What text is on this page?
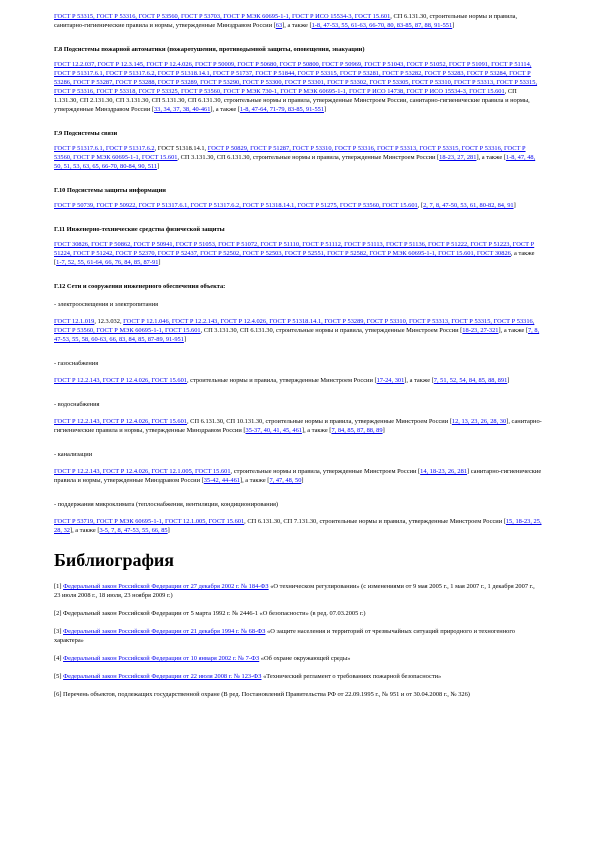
ГОСТ Р 53315, ГОСТ Р 53316, ГОСТ Р 53560, ГОСТ Р 53703, ГОСТ Р МЭК 60695-1-1, ГОСТ Р ИСО 15534-3, ГОСТ 15.601, СП 6.131.30, строительные нормы и правила, санитарно-гигиенические правила и нормы, утвержденные Минздравом России [63], а также [1-8, 47-53, 55, 61-63, 66-70, 80, 83-85, 87, 88, 91-551]

Г.8 Подсистемы пожарной автоматики (пожаротушения, противодымной защиты, оповещения, эвакуации)

ГОСТ 12.2.037, ГОСТ Р 12.3.145, ГОСТ Р 12.4.026, ГОСТ Р 50009, ГОСТ Р 50680, ГОСТ Р 50800, ГОСТ Р 50969, ГОСТ Р 51043, ГОСТ Р 51052, ГОСТ Р 51091, ГОСТ Р 51114, ГОСТ Р 51317.6.1, ГОСТ Р 51317.6.2, ГОСТ Р 51318.14.1, ГОСТ Р 51737, ГОСТ Р 51844, ГОСТ Р 53315, ГОСТ Р 53281, ГОСТ Р 53282, ГОСТ Р 53283, ГОСТ Р 53284, ГОСТ Р 53286, ГОСТ Р 53287, ГОСТ Р 53288, ГОСТ Р 53289, ГОСТ Р 53290, ГОСТ Р 53300, ГОСТ Р 53301, ГОСТ Р 53302, ГОСТ Р 53305, ГОСТ Р 53310, ГОСТ Р 53313, ГОСТ Р 53315, ГОСТ Р 53316, ГОСТ Р 53318, ГОСТ Р 53325, ГОСТ Р 53560, ГОСТ Р МЭК 730-1, ГОСТ Р МЭК 60695-1-1, ГОСТ Р ИСО 14738, ГОСТ Р ИСО 15534-3, ГОСТ 15.601, СП 1.131.30, СП 2.131.30, СП 3.131.30, СП 5.131.30, СП 6.131.30, строительные нормы и правила, утвержденные Минстроем России, санитарно-гигиенические правила и нормы, утвержденные Минздравом России [33, 34, 37, 38, 40-461], а также [1-8, 47-64, 71-79, 83-85, 91-551]

Г.9 Подсистемы связи

ГОСТ Р 51317.6.1, ГОСТ Р 51317.6.2, ГОСТ 51318.14.1, ГОСТ Р 50829, ГОСТ Р 51287, ГОСТ Р 53310, ГОСТ Р 53316, ГОСТ Р 53313, ГОСТ Р 53315, ГОСТ Р 53316, ГОСТ Р 53560, ГОСТ Р МЭК 60695-1-1, ГОСТ 15.601, СП 3.131.30, СП 6.131.30, строительные нормы и правила, утвержденные Минстроем России [18-23, 27, 281], а также [1-8, 47, 48, 50, 51, 53, 63, 65, 66-70, 80-84, 90, 511]

Г.10 Подсистемы защиты информации

ГОСТ Р 50739, ГОСТ Р 50922, ГОСТ Р 51317.6.1, ГОСТ Р 51317.6.2, ГОСТ Р 51318.14.1, ГОСТ Р 51275, ГОСТ Р 53560, ГОСТ 15.601, [2, 7, 8, 47-50, 53, 61, 80-82, 84, 91]

Г.11 Инженерно-технические средства физической защиты

ГОСТ 30826, ГОСТ Р 50862, ГОСТ Р 50941, ГОСТ Р 51053, ГОСТ Р 51072, ГОСТ Р 51110, ГОСТ Р 51112, ГОСТ Р 51113, ГОСТ Р 51136, ГОСТ Р 51222, ГОСТ Р 51223, ГОСТ Р 51224, ГОСТ Р 51242, ГОСТ Р 52370, ГОСТ Р 52437, ГОСТ Р 52502, ГОСТ Р 52503, ГОСТ Р 52551, ГОСТ Р 52582, ГОСТ Р МЭК 60695-1-1, ГОСТ 15.601, ГОСТ 30826, а также [1-7, 52, 55, 61-64, 66, 76, 84, 85, 87-91]

Г.12 Сети и сооружения инженерного обеспечения объекта:

- электроосвещения и электропитания

ГОСТ 12.1.019, 12.3.032, ГОСТ Р 12.1.046, ГОСТ Р 12.2.143, ГОСТ Р 12.4.026, ГОСТ Р 51318.14.1, ГОСТ Р 53289, ГОСТ Р 53310, ГОСТ Р 53313, ГОСТ Р 53315, ГОСТ Р 53316, ГОСТ Р 53560, ГОСТ Р МЭК 60695-1-1, ГОСТ 15.601, СП 3.131.30, СП 6.131.30, строительные нормы и правила, утвержденные Минстроем России [18-23, 27-321], а также [7, 8, 47-53, 55, 58, 60-63, 66, 83, 84, 85, 87-89, 91-951]

- газоснабжения

ГОСТ Р 12.2.143, ГОСТ Р 12.4.026, ГОСТ 15.601, строительные нормы и правила, утвержденные Минстроем России [17-24, 301], а также [7, 51, 52, 54, 84, 85, 88, 891]

- водоснабжения

ГОСТ Р 12.2.143, ГОСТ Р 12.4.026, ГОСТ 15.601, СП 6.131.30, СП 10.131.30, строительные нормы и правила, утвержденные Минстроем России [12, 13, 23, 26, 28, 30], санитарно-гигиенические правила и нормы, утвержденные Минздравом России [35-37, 40, 41, 45, 461], а также [7, 84, 85, 87, 88, 89]

- канализации

ГОСТ Р 12.2.143, ГОСТ Р 12.4.026, ГОСТ 12.1.005, ГОСТ 15.601, строительные нормы и правила, утвержденные Минстроем России [14, 18-23, 26, 281] санитарно-гигиенические правила и нормы, утвержденные Минздравом России [35-42, 44-461], а также [7, 47, 48, 50]

- поддержания микроклимата (теплоснабжения, вентиляции, кондиционирования)

ГОСТ Р 53719, ГОСТ Р МЭК 60695-1-1, ГОСТ 12.1.005, ГОСТ 15.601, СП 6.131.30, СП 7.131.30, строительные нормы и правила, утвержденные Минстроем России [15, 18-23, 25, 28, 32], а также [3-5, 7, 8, 47-53, 55, 66, 85]

Библиография

[1] Федеральный закон Российской Федерации от 27 декабря 2002 г. № 184-ФЗ «О техническом регулировании» (с изменениями от 9 мая 2005 г., 1 мая 2007 г., 1 декабря 2007 г., 23 июля 2008 г., 18 июля, 23 ноября 2009 г.)

[2] Федеральный закон Российской Федерации от 5 марта 1992 г. № 2446-1 «О безопасности» (в ред. 07.03.2005 г.)

[3] Федеральный закон Российской Федерации от 21 декабря 1994 г. № 68-ФЗ «О защите населения и территорий от чрезвычайных ситуаций природного и техногенного характера»

[4] Федеральный закон Российской Федерации от 10 января 2002 г. № 7-ФЗ «Об охране окружающей среды»

[5] Федеральный закон Российской Федерации от 22 июля 2008 г. № 123-ФЗ «Технический регламент о требованиях пожарной безопасности»

[6] Перечень объектов, подлежащих государственной охране (В ред. Постановлений Правительства РФ от 22.09.1995 г., № 951 и от 30.04.2008 г., № 326)
